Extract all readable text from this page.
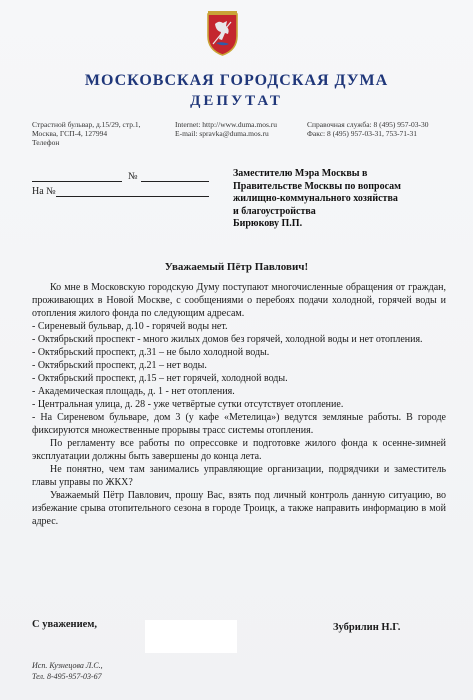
МОСКОВСКАЯ ГОРОДСКАЯ ДУМА
ДЕПУТАТ
Страстной бульвар, д.15/29, стр.1,
Москва, ГСП-4, 127994
Телефон
Internet: http://www.duma.mos.ru
E-mail: spravka@duma.mos.ru
Справочная служба: 8 (495) 957-03-30
Факс: 8 (495) 957-03-31, 753-71-31
№
На №
Заместителю Мэра Москвы в
Правительстве Москвы по вопросам
жилищно-коммунального хозяйства
и благоустройства
Бирюкову П.П.
Уважаемый Пётр Павлович!

Ко мне в Московскую городскую Думу поступают многочисленные обращения от граждан, проживающих в Новой Москве, с сообщениями о перебоях подачи холодной, горячей воды и отопления жилого фонда по следующим адресам.

- Сиреневый бульвар, д.10 - горячей воды нет.

- Октябрьский проспект - много жилых домов без горячей, холодной воды и нет отопления.

- Октябрьский проспект, д.31 – не было холодной воды.

- Октябрьский проспект, д.21 – нет воды.

- Октябрьский проспект, д.15 – нет горячей, холодной воды.

- Академическая площадь, д. 1 - нет отопления.

- Центральная улица, д. 28 - уже четвёртые сутки отсутствует отопление.

- На Сиреневом бульваре, дом 3 (у кафе «Метелица») ведутся земляные работы. В городе фиксируются множественные прорывы трасс системы отопления.

По регламенту все работы по опрессовке и подготовке жилого фонда к осенне-зимней эксплуатации должны быть завершены до конца лета.

Не понятно, чем там занимались управляющие организации, подрядчики и заместитель главы управы по ЖКХ?

Уважаемый Пётр Павлович, прошу Вас, взять под личный контроль данную ситуацию, во избежание срыва отопительного сезона в городе Троицк, а также направить информацию в мой адрес.

С уважением,	Зубрилин Н.Г.
Исп. Кузнецова Л.С.,
Тел. 8-495-957-03-67
